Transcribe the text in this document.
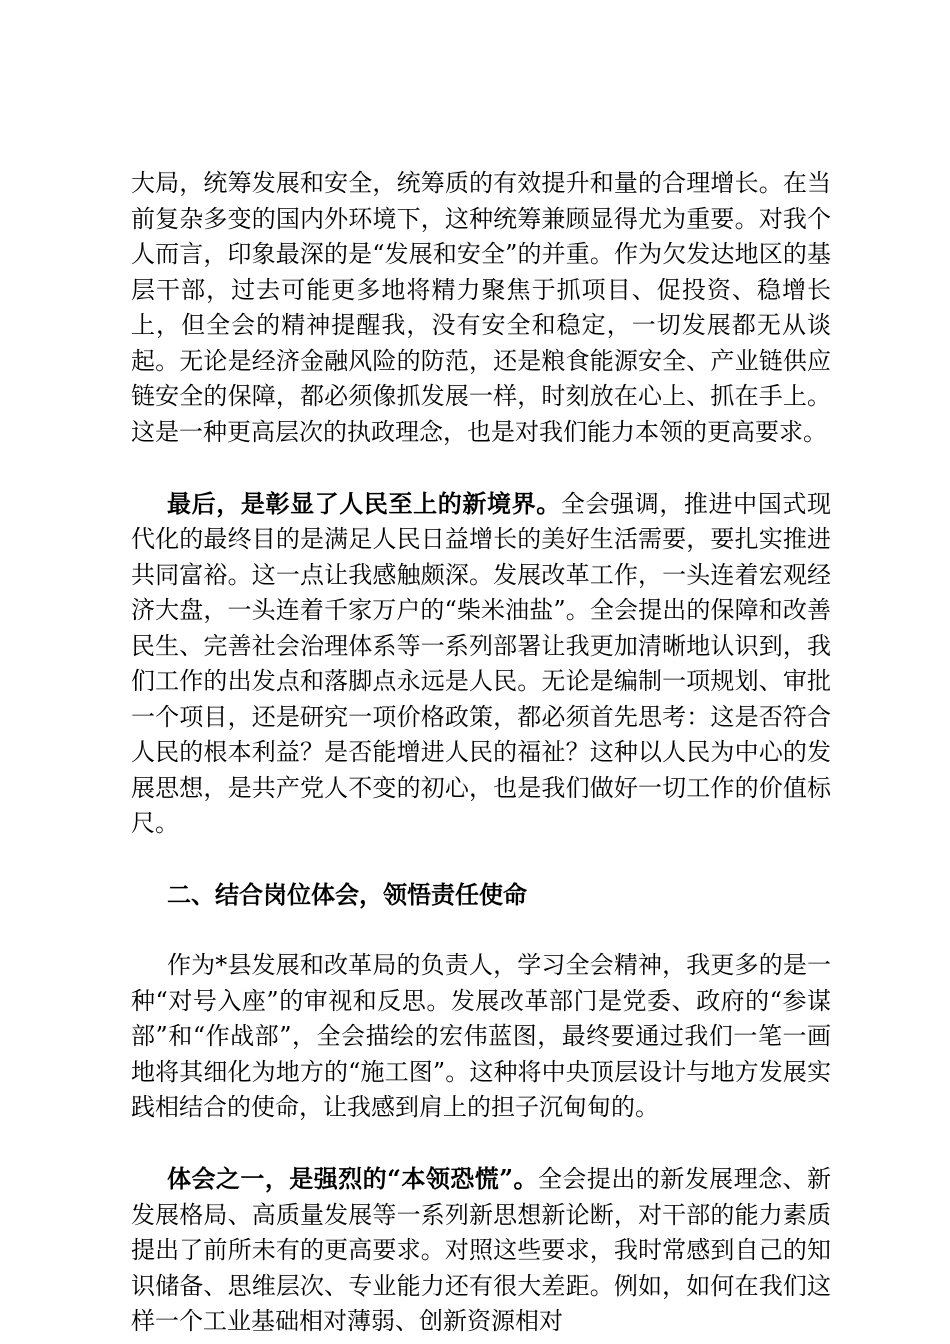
大局，统筹发展和安全，统筹质的有效提升和量的合理增长。在当前复杂多变的国内外环境下，这种统筹兼顾显得尤为重要。对我个人而言，印象最深的是“发展和安全”的并重。作为欠发达地区的基层干部，过去可能更多地将精力聚焦于抓项目、促投资、稳增长上，但全会的精神提醒我，没有安全和稳定，一切发展都无从谈起。无论是经济金融风险的防范，还是粮食能源安全、产业链供应链安全的保障，都必须像抓发展一样，时刻放在心上、抓在手上。这是一种更高层次的执政理念，也是对我们能力本领的更高要求。

最后，是彰显了人民至上的新境界。全会强调，推进中国式现代化的最终目的是满足人民日益增长的美好生活需要，要扎实推进共同富裕。这一点让我感触颇深。发展改革工作，一头连着宏观经济大盘，一头连着千家万户的“柴米油盐”。全会提出的保障和改善民生、完善社会治理体系等一系列部署让我更加清晰地认识到，我们工作的出发点和落脚点永远是人民。无论是编制一项规划、审批一个项目，还是研究一项价格政策，都必须首先思考：这是否符合人民的根本利益？是否能增进人民的福祉？这种以人民为中心的发展思想，是共产党人不变的初心，也是我们做好一切工作的价值标尺。

二、结合岗位体会，领悟责任使命

作为*县发展和改革局的负责人，学习全会精神，我更多的是一种“对号入座”的审视和反思。发展改革部门是党委、政府的“参谋部”和“作战部”，全会描绘的宏伟蓝图，最终要通过我们一笔一画地将其细化为地方的“施工图”。这种将中央顶层设计与地方发展实践相结合的使命，让我感到肩上的担子沉甸甸的。

体会之一，是强烈的“本领恐慌”。全会提出的新发展理念、新发展格局、高质量发展等一系列新思想新论断，对干部的能力素质提出了前所未有的更高要求。对照这些要求，我时常感到自己的知识储备、思维层次、专业能力还有很大差距。例如，如何在我们这样一个工业基础相对薄弱、创新资源相对
